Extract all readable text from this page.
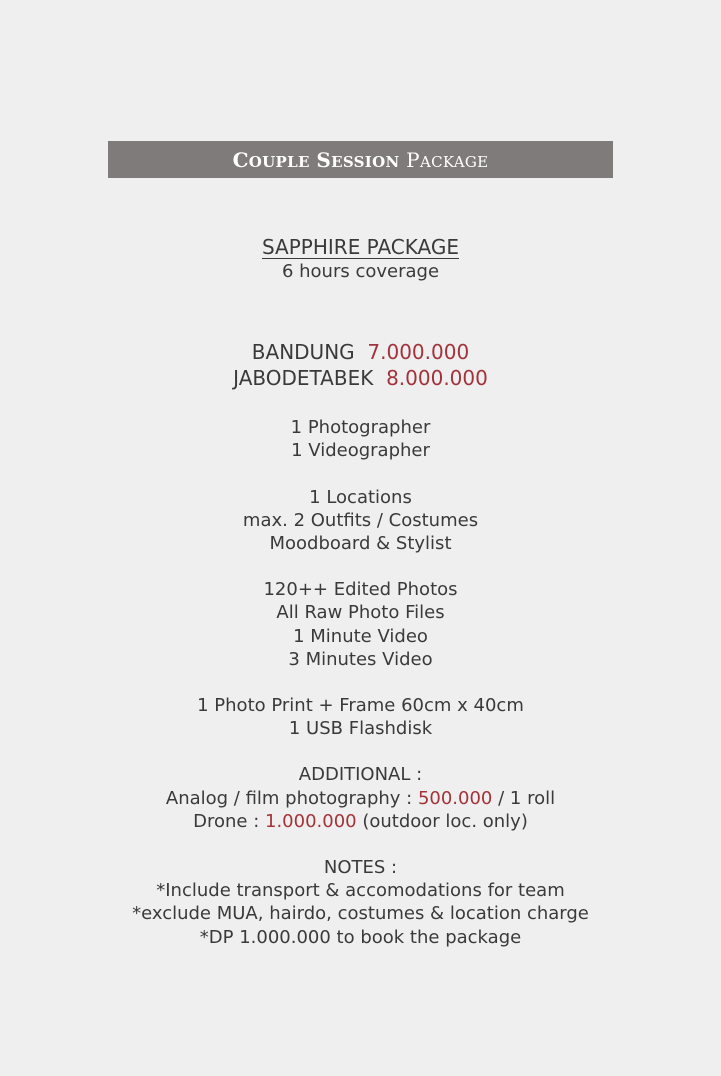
COUPLE
SESSION
PACKAGE
SAPPHIRE PACKAGE
6 hours coverage
BANDUNG 7.000.000
JABODETABEK 8.000.000
1 Photographer
1 Videographer
1 Locations
max. 2 Outfits / Costumes
Moodboard & Stylist
120++ Edited Photos
All Raw Photo Files
1 Minute Video
3 Minutes Video
1 Photo Print + Frame 60cm x 40cm
1 USB Flashdisk
ADDITIONAL :
Analog / film photography : 500.000 / 1 roll
Drone : 1.000.000 (outdoor loc. only)
NOTES :
*Include transport & accomodations for team
*exclude MUA, hairdo, costumes & location charge
*DP 1.000.000 to book the package
